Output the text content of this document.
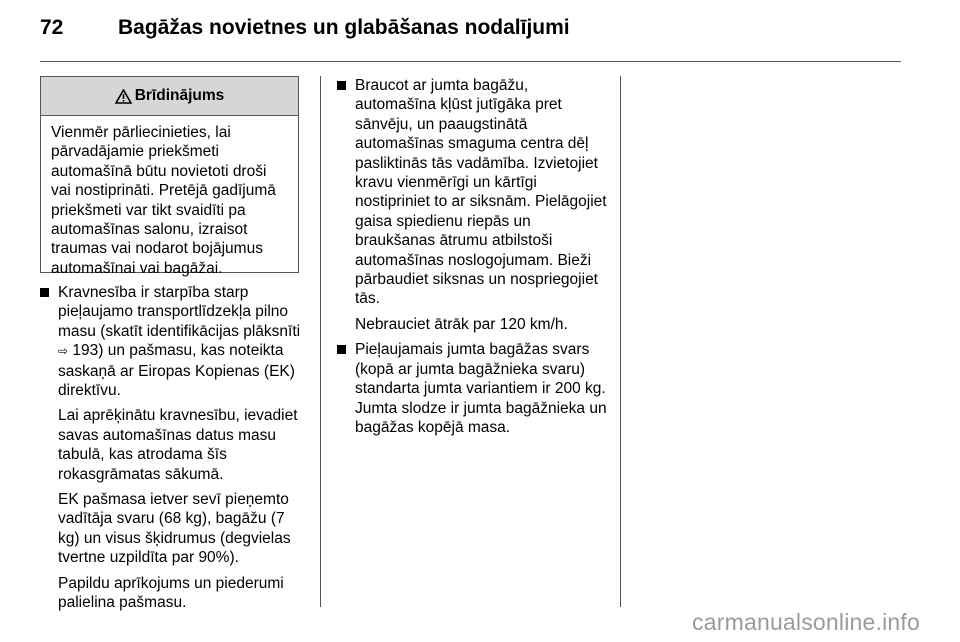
72	Bagāžas novietnes un glabāšanas nodalījumi
Brīdinājums
Vienmēr pārliecinieties, lai pārvadājamie priekšmeti automašīnā būtu novietoti droši vai nostiprināti. Pretējā gadījumā priekšmeti var tikt svaidīti pa automašīnas salonu, izraisot traumas vai nodarot bojājumus automašīnai vai bagāžai.
Kravnesība ir starpība starp pieļaujamo transportlīdzekļa pilno masu (skatīt identifikācijas plāksnīti ⇨ 193) un pašmasu, kas noteikta saskaņā ar Eiropas Kopienas (EK) direktīvu.

Lai aprēķinātu kravnesību, ievadiet savas automašīnas datus masu tabulā, kas atrodama šīs rokasgrāmatas sākumā.

EK pašmasa ietver sevī pieņemto vadītāja svaru (68 kg), bagāžu (7 kg) un visus šķidrumus (degvielas tvertne uzpildīta par 90%).

Papildu aprīkojums un piederumi palielina pašmasu.

Braucot ar jumta bagāžu, automašīna kļūst jutīgāka pret sānvēju, un paaugstinātā automašīnas smaguma centra dēļ pasliktinās tās vadāmība. Izvietojiet kravu vienmērīgi un kārtīgi nostipriniet to ar siksnām. Pielāgojiet gaisa spiedienu riepās un braukšanas ātrumu atbilstoši automašīnas noslogojumam. Bieži pārbaudiet siksnas un nospriegojiet tās.

Nebrauciet ātrāk par 120 km/h.

Pieļaujamais jumta bagāžas svars (kopā ar jumta bagāžnieka svaru) standarta jumta variantiem ir 200 kg. Jumta slodze ir jumta bagāžnieka un bagāžas kopējā masa.
carmanualsonline.info
